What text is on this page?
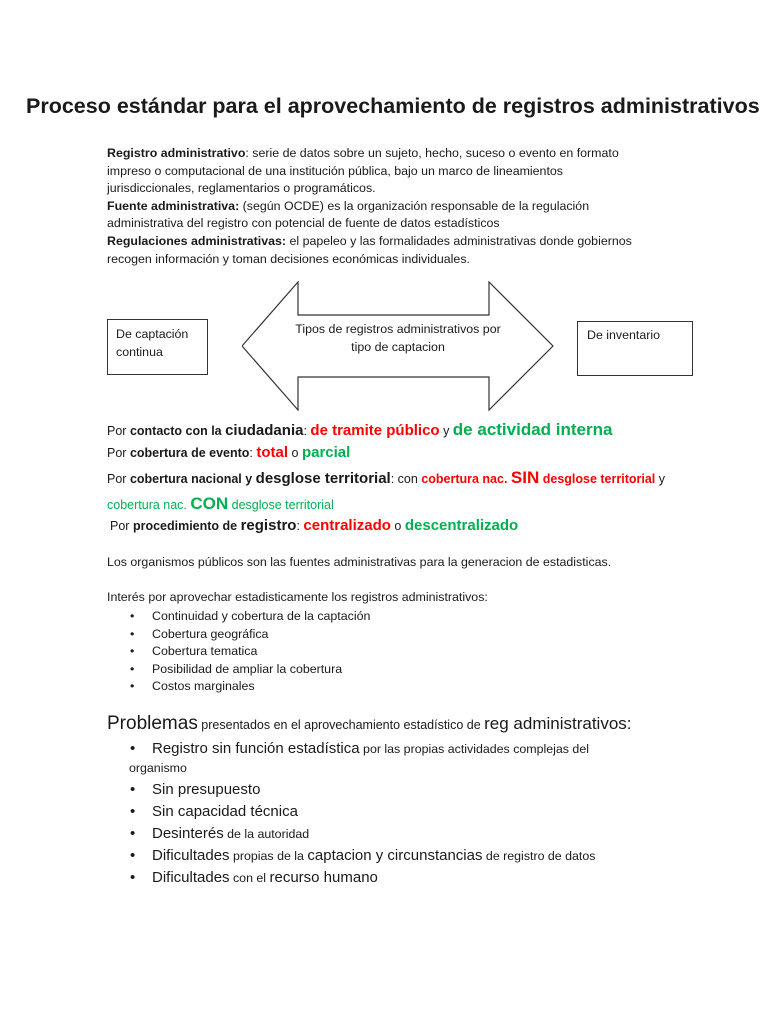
Proceso estándar para el aprovechamiento de registros administrativos

Registro administrativo: serie de datos sobre un sujeto, hecho, suceso o evento en formato impreso o computacional de una institución pública, bajo un marco de lineamientos jurisdiccionales, reglamentarios o programáticos.

Fuente administrativa: (según OCDE) es la organización responsable de la regulación administrativa del registro con potencial de fuente de datos estadísticos

Regulaciones administrativas: el papeleo y las formalidades administrativas donde gobiernos recogen información y toman decisiones económicas individuales.

Tipos de registros administrativos por tipo de captacion
De captación continua
De inventario
Por contacto con la ciudadania: de tramite público y de actividad interna
Por cobertura de evento: total o parcial
Por cobertura nacional y desglose territorial: con cobertura nac. SIN desglose territorial y
cobertura nac. CON desglose territorial
Por procedimiento de registro: centralizado o descentralizado
Los organismos públicos son las fuentes administrativas para la generacion de estadisticas.
Interés por aprovechar estadisticamente los registros administrativos:
• Continuidad y cobertura de la captación
• Cobertura geográfica
• Cobertura tematica
• Posibilidad de ampliar la cobertura
• Costos marginales
Problemas presentados en el aprovechamiento estadístico de reg administrativos:
• Registro sin función estadística por las propias actividades complejas del
organismo
• Sin presupuesto
• Sin capacidad técnica
• Desinterés de la autoridad
• Dificultades propias de la captacion y circunstancias de registro de datos
• Dificultades con el recurso humano
